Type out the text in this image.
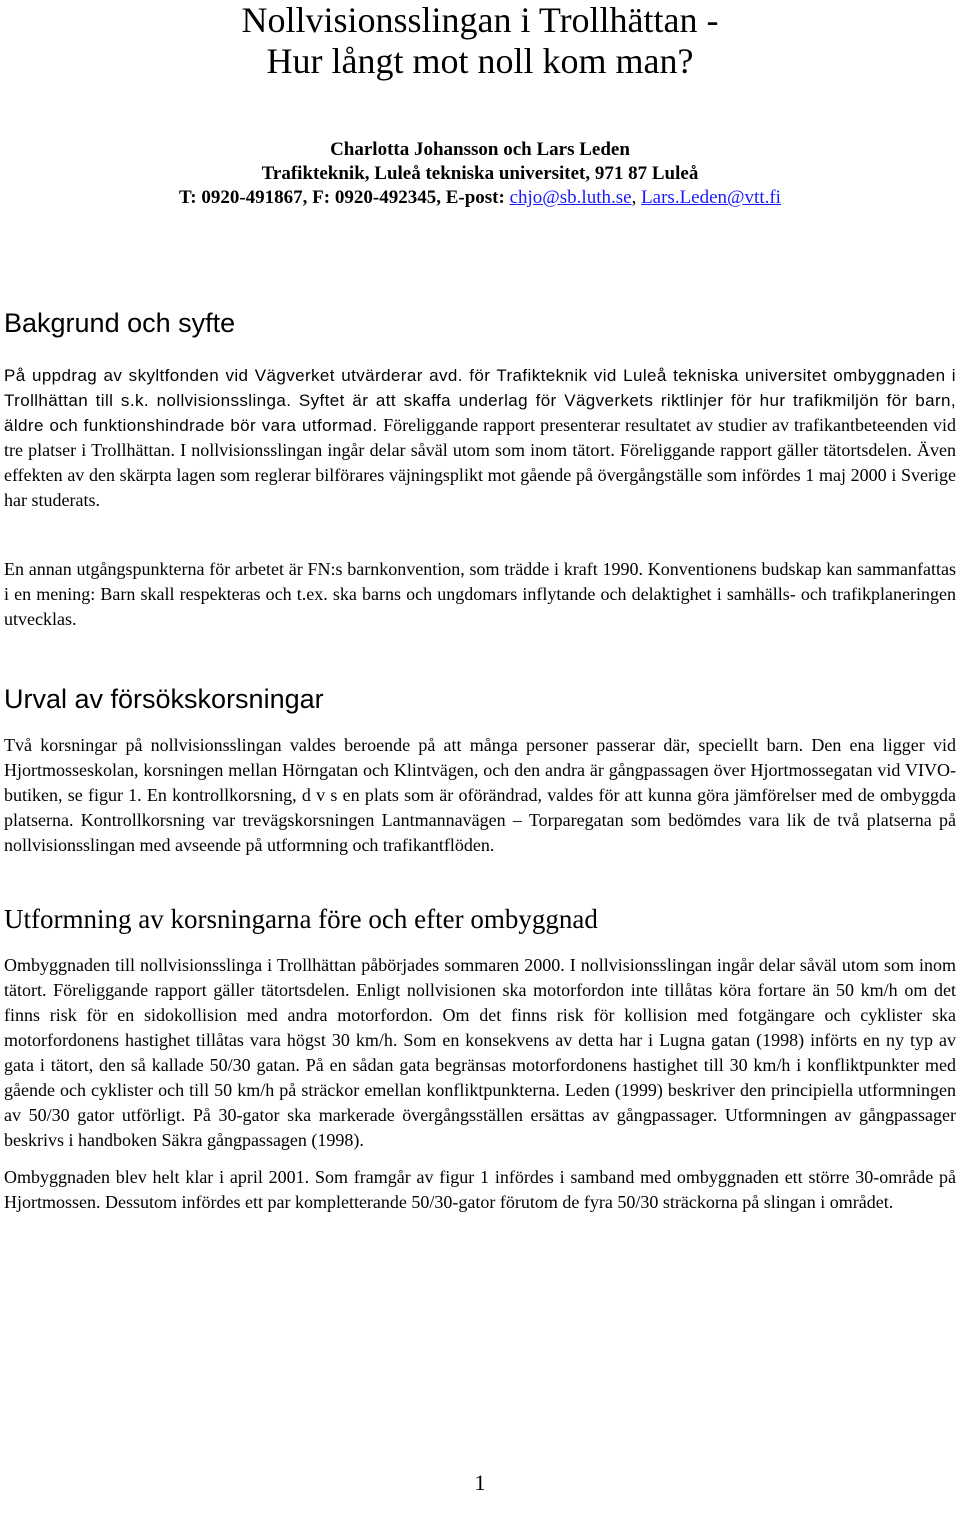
Nollvisionsslingan i Trollhättan -
Hur långt mot noll kom man?
Charlotta Johansson och Lars Leden
Trafikteknik, Luleå tekniska universitet, 971 87 Luleå
T: 0920-491867, F: 0920-492345, E-post: chjo@sb.luth.se, Lars.Leden@vtt.fi
Bakgrund och syfte

På uppdrag av skyltfonden vid Vägverket utvärderar avd. för Trafikteknik vid Luleå tekniska universitet ombyggnaden i Trollhättan till s.k. nollvisionsslinga. Syftet är att skaffa underlag för Vägverkets riktlinjer för hur trafikmiljön för barn, äldre och funktionshindrade bör vara utformad. Föreliggande rapport presenterar resultatet av studier av trafikantbeteenden vid tre platser i Trollhättan. I nollvisionsslingan ingår delar såväl utom som inom tätort. Föreliggande rapport gäller tätortsdelen. Även effekten av den skärpta lagen som reglerar bilförares väjningsplikt mot gående på övergångställe som infördes 1 maj 2000 i Sverige har studerats.

En annan utgångspunkterna för arbetet är FN:s barnkonvention, som trädde i kraft 1990. Konventionens budskap kan sammanfattas i en mening: Barn skall respekteras och t.ex. ska barns och ungdomars inflytande och delaktighet i samhälls- och trafikplaneringen utvecklas.

Urval av försökskorsningar

Två korsningar på nollvisionsslingan valdes beroende på att många personer passerar där, speciellt barn. Den ena ligger vid Hjortmosseskolan, korsningen mellan Hörngatan och Klintvägen, och den andra är gångpassagen över Hjortmossegatan vid VIVO-butiken, se figur 1. En kontrollkorsning, d v s en plats som är oförändrad, valdes för att kunna göra jämförelser med de ombyggda platserna. Kontrollkorsning var trevägskorsningen Lantmannavägen – Torparegatan som bedömdes vara lik de två platserna på nollvisionsslingan med avseende på utformning och trafikantflöden.

Utformning av korsningarna före och efter ombyggnad

Ombyggnaden till nollvisionsslinga i Trollhättan påbörjades sommaren 2000. I nollvisionsslingan ingår delar såväl utom som inom tätort. Föreliggande rapport gäller tätortsdelen. Enligt nollvisionen ska motorfordon inte tillåtas köra fortare än 50 km/h om det finns risk för en sidokollision med andra motorfordon. Om det finns risk för kollision med fotgängare och cyklister ska motorfordonens hastighet tillåtas vara högst 30 km/h. Som en konsekvens av detta har i Lugna gatan (1998) införts en ny typ av gata i tätort, den så kallade 50/30 gatan. På en sådan gata begränsas motorfordonens hastighet till 30 km/h i konfliktpunkter med gående och cyklister och till 50 km/h på sträckor emellan konfliktpunkterna. Leden (1999) beskriver den principiella utformningen av 50/30 gator utförligt. På 30-gator ska markerade övergångsställen ersättas av gångpassager. Utformningen av gångpassager beskrivs i handboken Säkra gångpassagen (1998).

Ombyggnaden blev helt klar i april 2001. Som framgår av figur 1 infördes i samband med ombyggnaden ett större 30-område på Hjortmossen. Dessutom infördes ett par kompletterande 50/30-gator förutom de fyra 50/30 sträckorna på slingan i området.

1
